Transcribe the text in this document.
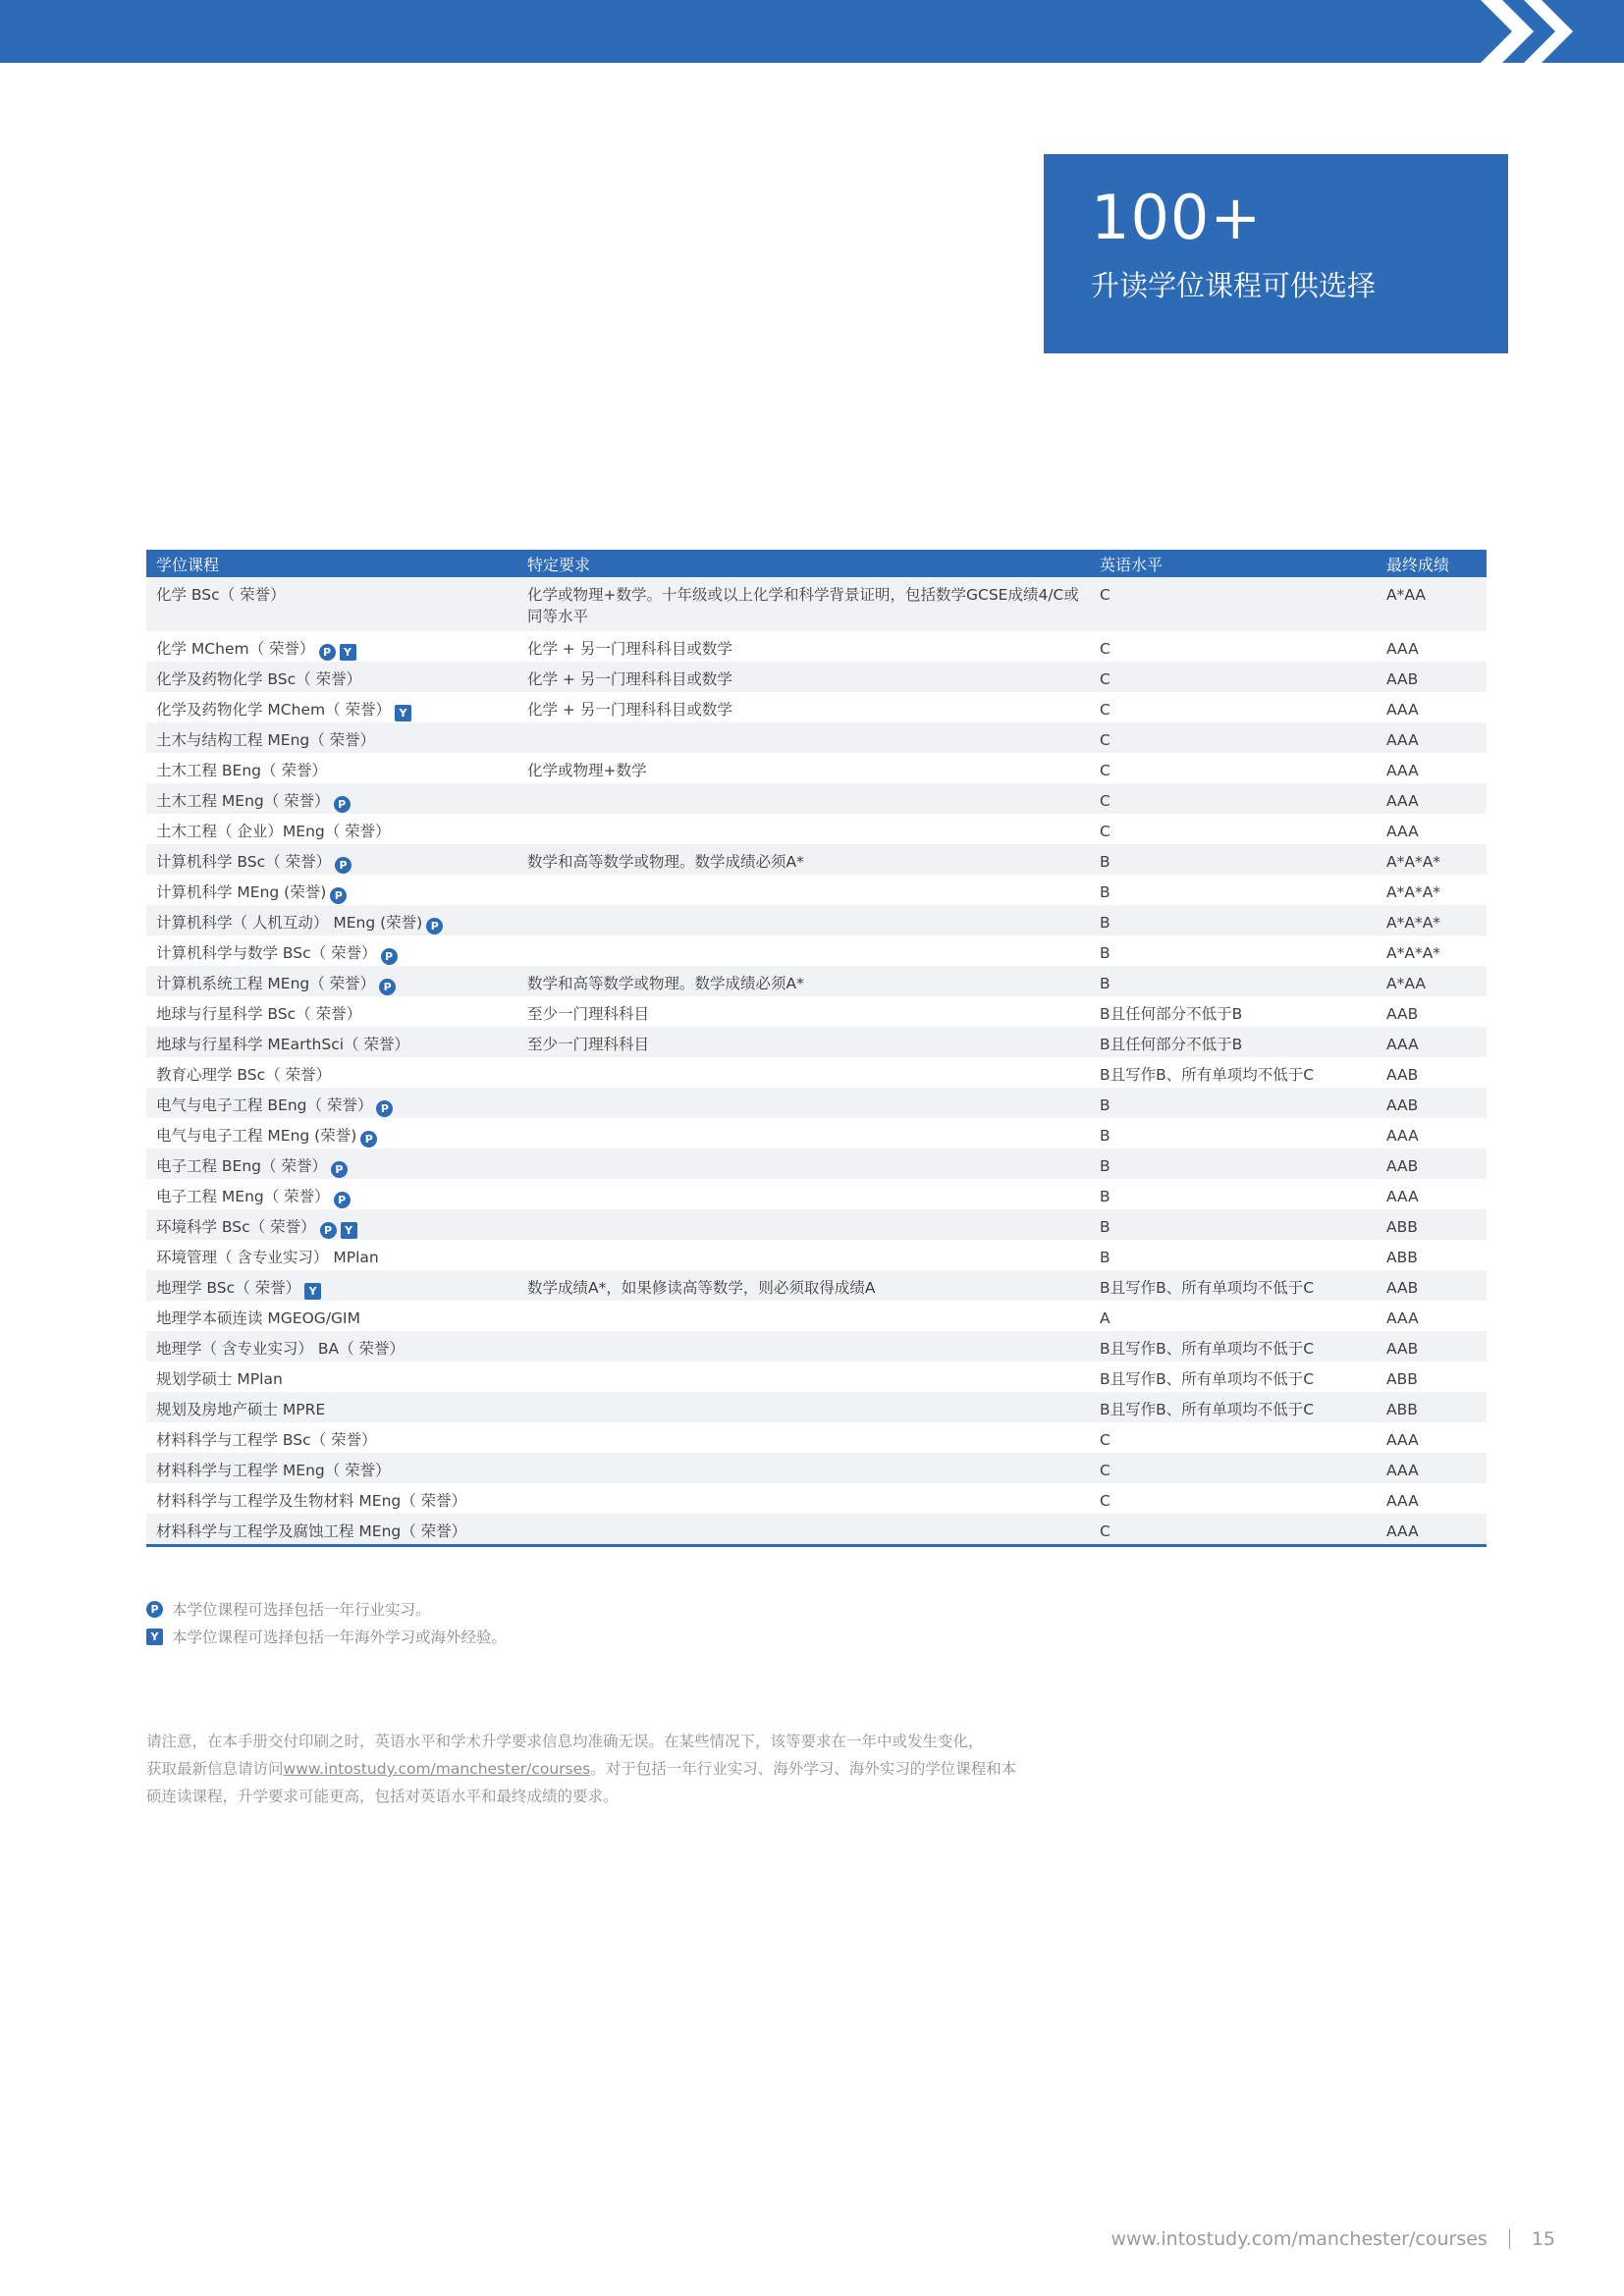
100+
升读学位课程可供选择
学位课程	特定要求	英语水平	最终成绩
化学 BSc（ 荣誉）	化学或物理+数学。十年级或以上化学和科学背景证明，包括数学GCSE成绩4/C或同等水平	C	A*AA
化学 MChem（ 荣誉） P Y	化学 + 另一门理科科目或数学	C	AAA
化学及药物化学 BSc（ 荣誉）	化学 + 另一门理科科目或数学	C	AAB
化学及药物化学 MChem（ 荣誉） Y	化学 + 另一门理科科目或数学	C	AAA
土木与结构工程 MEng（ 荣誉）		C	AAA
土木工程 BEng（ 荣誉）	化学或物理+数学	C	AAA
土木工程 MEng（ 荣誉） P		C	AAA
土木工程（ 企业）MEng（ 荣誉）		C	AAA
计算机科学 BSc（ 荣誉） P	数学和高等数学或物理。数学成绩必须A*	B	A*A*A*
计算机科学 MEng (荣誉) P		B	A*A*A*
计算机科学（ 人机互动） MEng (荣誉) P		B	A*A*A*
计算机科学与数学 BSc（ 荣誉） P		B	A*A*A*
计算机系统工程 MEng（ 荣誉） P	数学和高等数学或物理。数学成绩必须A*	B	A*AA
地球与行星科学 BSc（ 荣誉）	至少一门理科科目	B且任何部分不低于B	AAB
地球与行星科学 MEarthSci（ 荣誉）	至少一门理科科目	B且任何部分不低于B	AAA
教育心理学 BSc（ 荣誉）		B且写作B、所有单项均不低于C	AAB
电气与电子工程 BEng（ 荣誉） P		B	AAB
电气与电子工程 MEng (荣誉) P		B	AAA
电子工程 BEng（ 荣誉） P		B	AAB
电子工程 MEng（ 荣誉） P		B	AAA
环境科学 BSc（ 荣誉） P Y		B	ABB
环境管理（ 含专业实习） MPlan		B	ABB
地理学 BSc（ 荣誉） Y	数学成绩A*，如果修读高等数学，则必须取得成绩A	B且写作B、所有单项均不低于C	AAB
地理学本硕连读 MGEOG/GIM		A	AAA
地理学（ 含专业实习） BA（ 荣誉）		B且写作B、所有单项均不低于C	AAB
规划学硕士 MPlan		B且写作B、所有单项均不低于C	ABB
规划及房地产硕士 MPRE		B且写作B、所有单项均不低于C	ABB
材料科学与工程学 BSc（ 荣誉）		C	AAA
材料科学与工程学 MEng（ 荣誉）		C	AAA
材料科学与工程学及生物材料 MEng（ 荣誉）		C	AAA
材料科学与工程学及腐蚀工程 MEng（ 荣誉）		C	AAA
P 本学位课程可选择包括一年行业实习。
Y 本学位课程可选择包括一年海外学习或海外经验。
请注意，在本手册交付印刷之时，英语水平和学术升学要求信息均准确无误。在某些情况下，该等要求在一年中或发生变化，
获取最新信息请访问www.intostudy.com/manchester/courses。对于包括一年行业实习、海外学习、海外实习的学位课程和本
硕连读课程，升学要求可能更高，包括对英语水平和最终成绩的要求。
www.intostudy.com/manchester/courses 15
